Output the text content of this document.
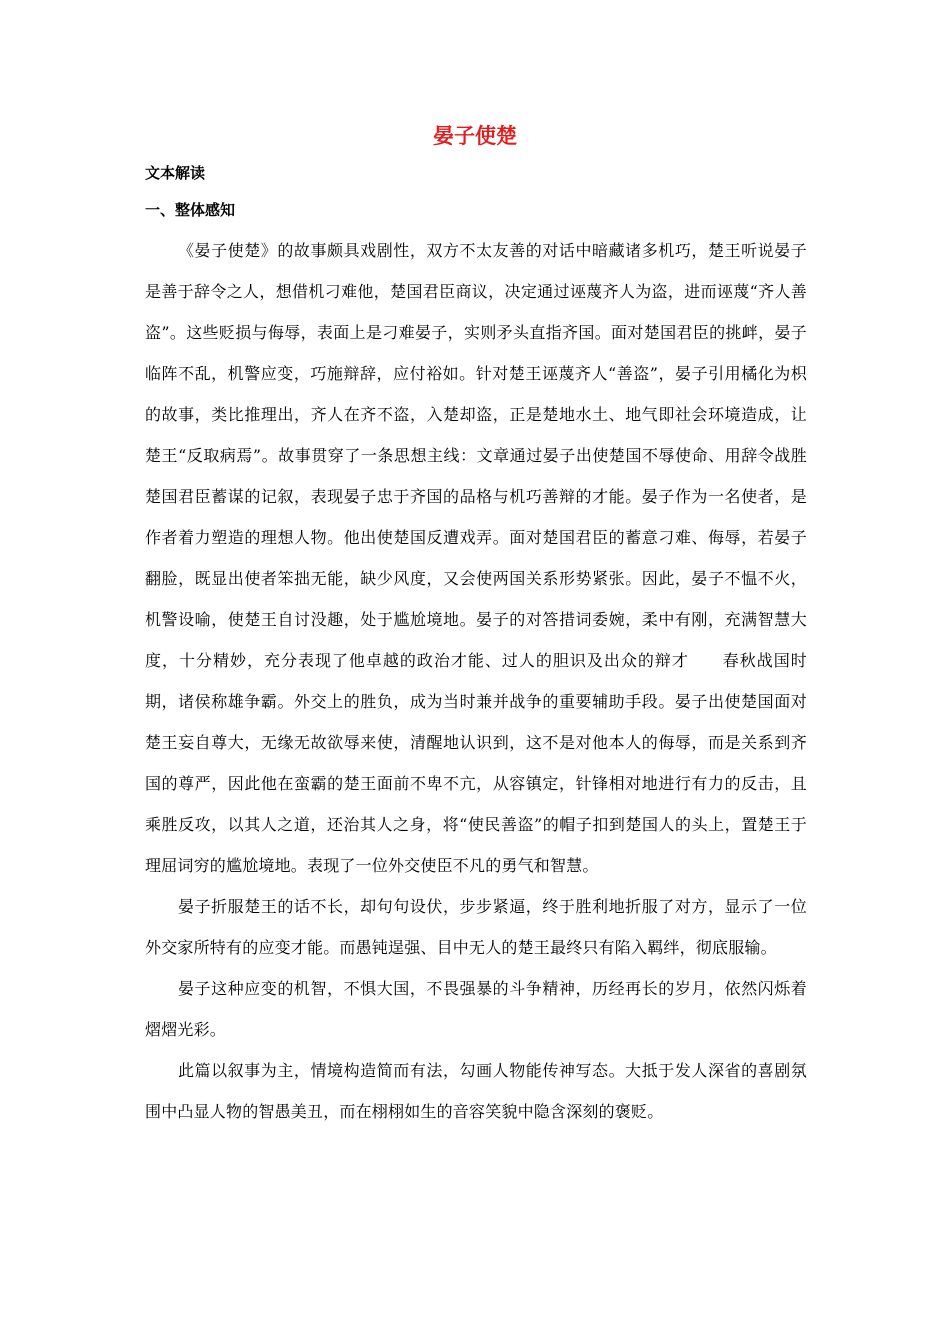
晏子使楚
文本解读
一、整体感知

《晏子使楚》的故事颇具戏剧性，双方不太友善的对话中暗藏诸多机巧，楚王听说晏子是善于辞令之人，想借机刁难他，楚国君臣商议，决定通过诬蔑齐人为盗，进而诬蔑“齐人善盗”。这些贬损与侮辱，表面上是刁难晏子，实则矛头直指齐国。面对楚国君臣的挑衅，晏子临阵不乱，机警应变，巧施辩辞，应付裕如。针对楚王诬蔑齐人“善盗”，晏子引用橘化为枳的故事，类比推理出，齐人在齐不盗，入楚却盗，正是楚地水土、地气即社会环境造成，让楚王“反取病焉”。故事贯穿了一条思想主线：文章通过晏子出使楚国不辱使命、用辞令战胜楚国君臣蓄谋的记叙，表现晏子忠于齐国的品格与机巧善辩的才能。晏子作为一名使者，是作者着力塑造的理想人物。他出使楚国反遭戏弄。面对楚国君臣的蓄意刁难、侮辱，若晏子翻脸，既显出使者笨拙无能，缺少风度，又会使两国关系形势紧张。因此，晏子不愠不火，机警设喻，使楚王自讨没趣，处于尴尬境地。晏子的对答措词委婉，柔中有刚，充满智慧大度，十分精妙，充分表现了他卓越的政治才能、过人的胆识及出众的辩才　　春秋战国时期，诸侯称雄争霸。外交上的胜负，成为当时兼并战争的重要辅助手段。晏子出使楚国面对楚王妄自尊大，无缘无故欲辱来使，清醒地认识到，这不是对他本人的侮辱，而是关系到齐国的尊严，因此他在蛮霸的楚王面前不卑不亢，从容镇定，针锋相对地进行有力的反击，且乘胜反攻，以其人之道，还治其人之身，将“使民善盗”的帽子扣到楚国人的头上，置楚王于理屈词穷的尴尬境地。表现了一位外交使臣不凡的勇气和智慧。

晏子折服楚王的话不长，却句句设伏，步步紧逼，终于胜利地折服了对方，显示了一位外交家所特有的应变才能。而愚钝逞强、目中无人的楚王最终只有陷入羁绊，彻底服输。

晏子这种应变的机智，不惧大国，不畏强暴的斗争精神，历经再长的岁月，依然闪烁着熠熠光彩。

此篇以叙事为主，情境构造简而有法，勾画人物能传神写态。大抵于发人深省的喜剧氛围中凸显人物的智愚美丑，而在栩栩如生的音容笑貌中隐含深刻的褒贬。
